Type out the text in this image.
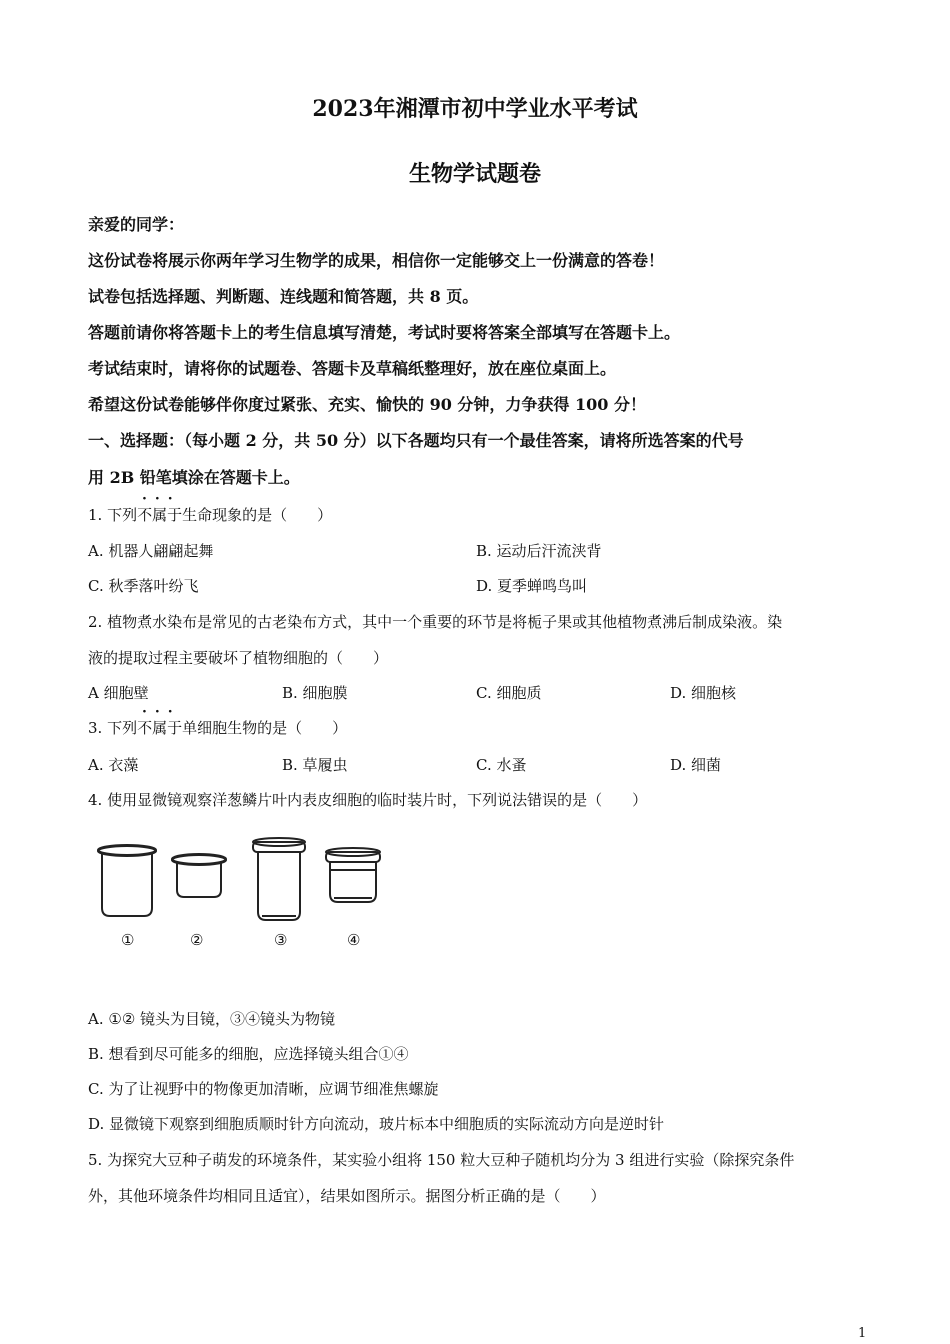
2023年湘潭市初中学业水平考试
生物学试题卷
亲爱的同学：
这份试卷将展示你两年学习生物学的成果，相信你一定能够交上一份满意的答卷！
试卷包括选择题、判断题、连线题和简答题，共 8 页。
答题前请你将答题卡上的考生信息填写清楚，考试时要将答案全部填写在答题卡上。
考试结束时，请将你的试题卷、答题卡及草稿纸整理好，放在座位桌面上。
希望这份试卷能够伴你度过紧张、充实、愉快的 90 分钟，力争获得 100 分！
一、选择题：（每小题 2 分，共 50 分）以下各题均只有一个最佳答案，请将所选答案的代号
用 2B 铅笔填涂在答题卡上。
···
1. 下列不属于生命现象的是（　　）
A. 机器人翩翩起舞	B. 运动后汗流浃背
C. 秋季落叶纷飞	D. 夏季蝉鸣鸟叫
2. 植物煮水染布是常见的古老染布方式，其中一个重要的环节是将栀子果或其他植物煮沸后制成染液。染
液的提取过程主要破坏了植物细胞的（　　）
A 细胞壁	B. 细胞膜	C. 细胞质	D. 细胞核
···
3. 下列不属于单细胞生物的是（　　）
A. 衣藻	B. 草履虫	C. 水蚤	D. 细菌
4. 使用显微镜观察洋葱鳞片叶内表皮细胞的临时装片时，下列说法错误的是（　　）
①	②	③	④
A. ①② 镜头为目镜，③④镜头为物镜
B. 想看到尽可能多的细胞，应选择镜头组合①④
C. 为了让视野中的物像更加清晰，应调节细准焦螺旋
D. 显微镜下观察到细胞质顺时针方向流动，玻片标本中细胞质的实际流动方向是逆时针
5. 为探究大豆种子萌发的环境条件，某实验小组将 150 粒大豆种子随机均分为 3 组进行实验（除探究条件
外，其他环境条件均相同且适宜），结果如图所示。据图分析正确的是（　　）
1
